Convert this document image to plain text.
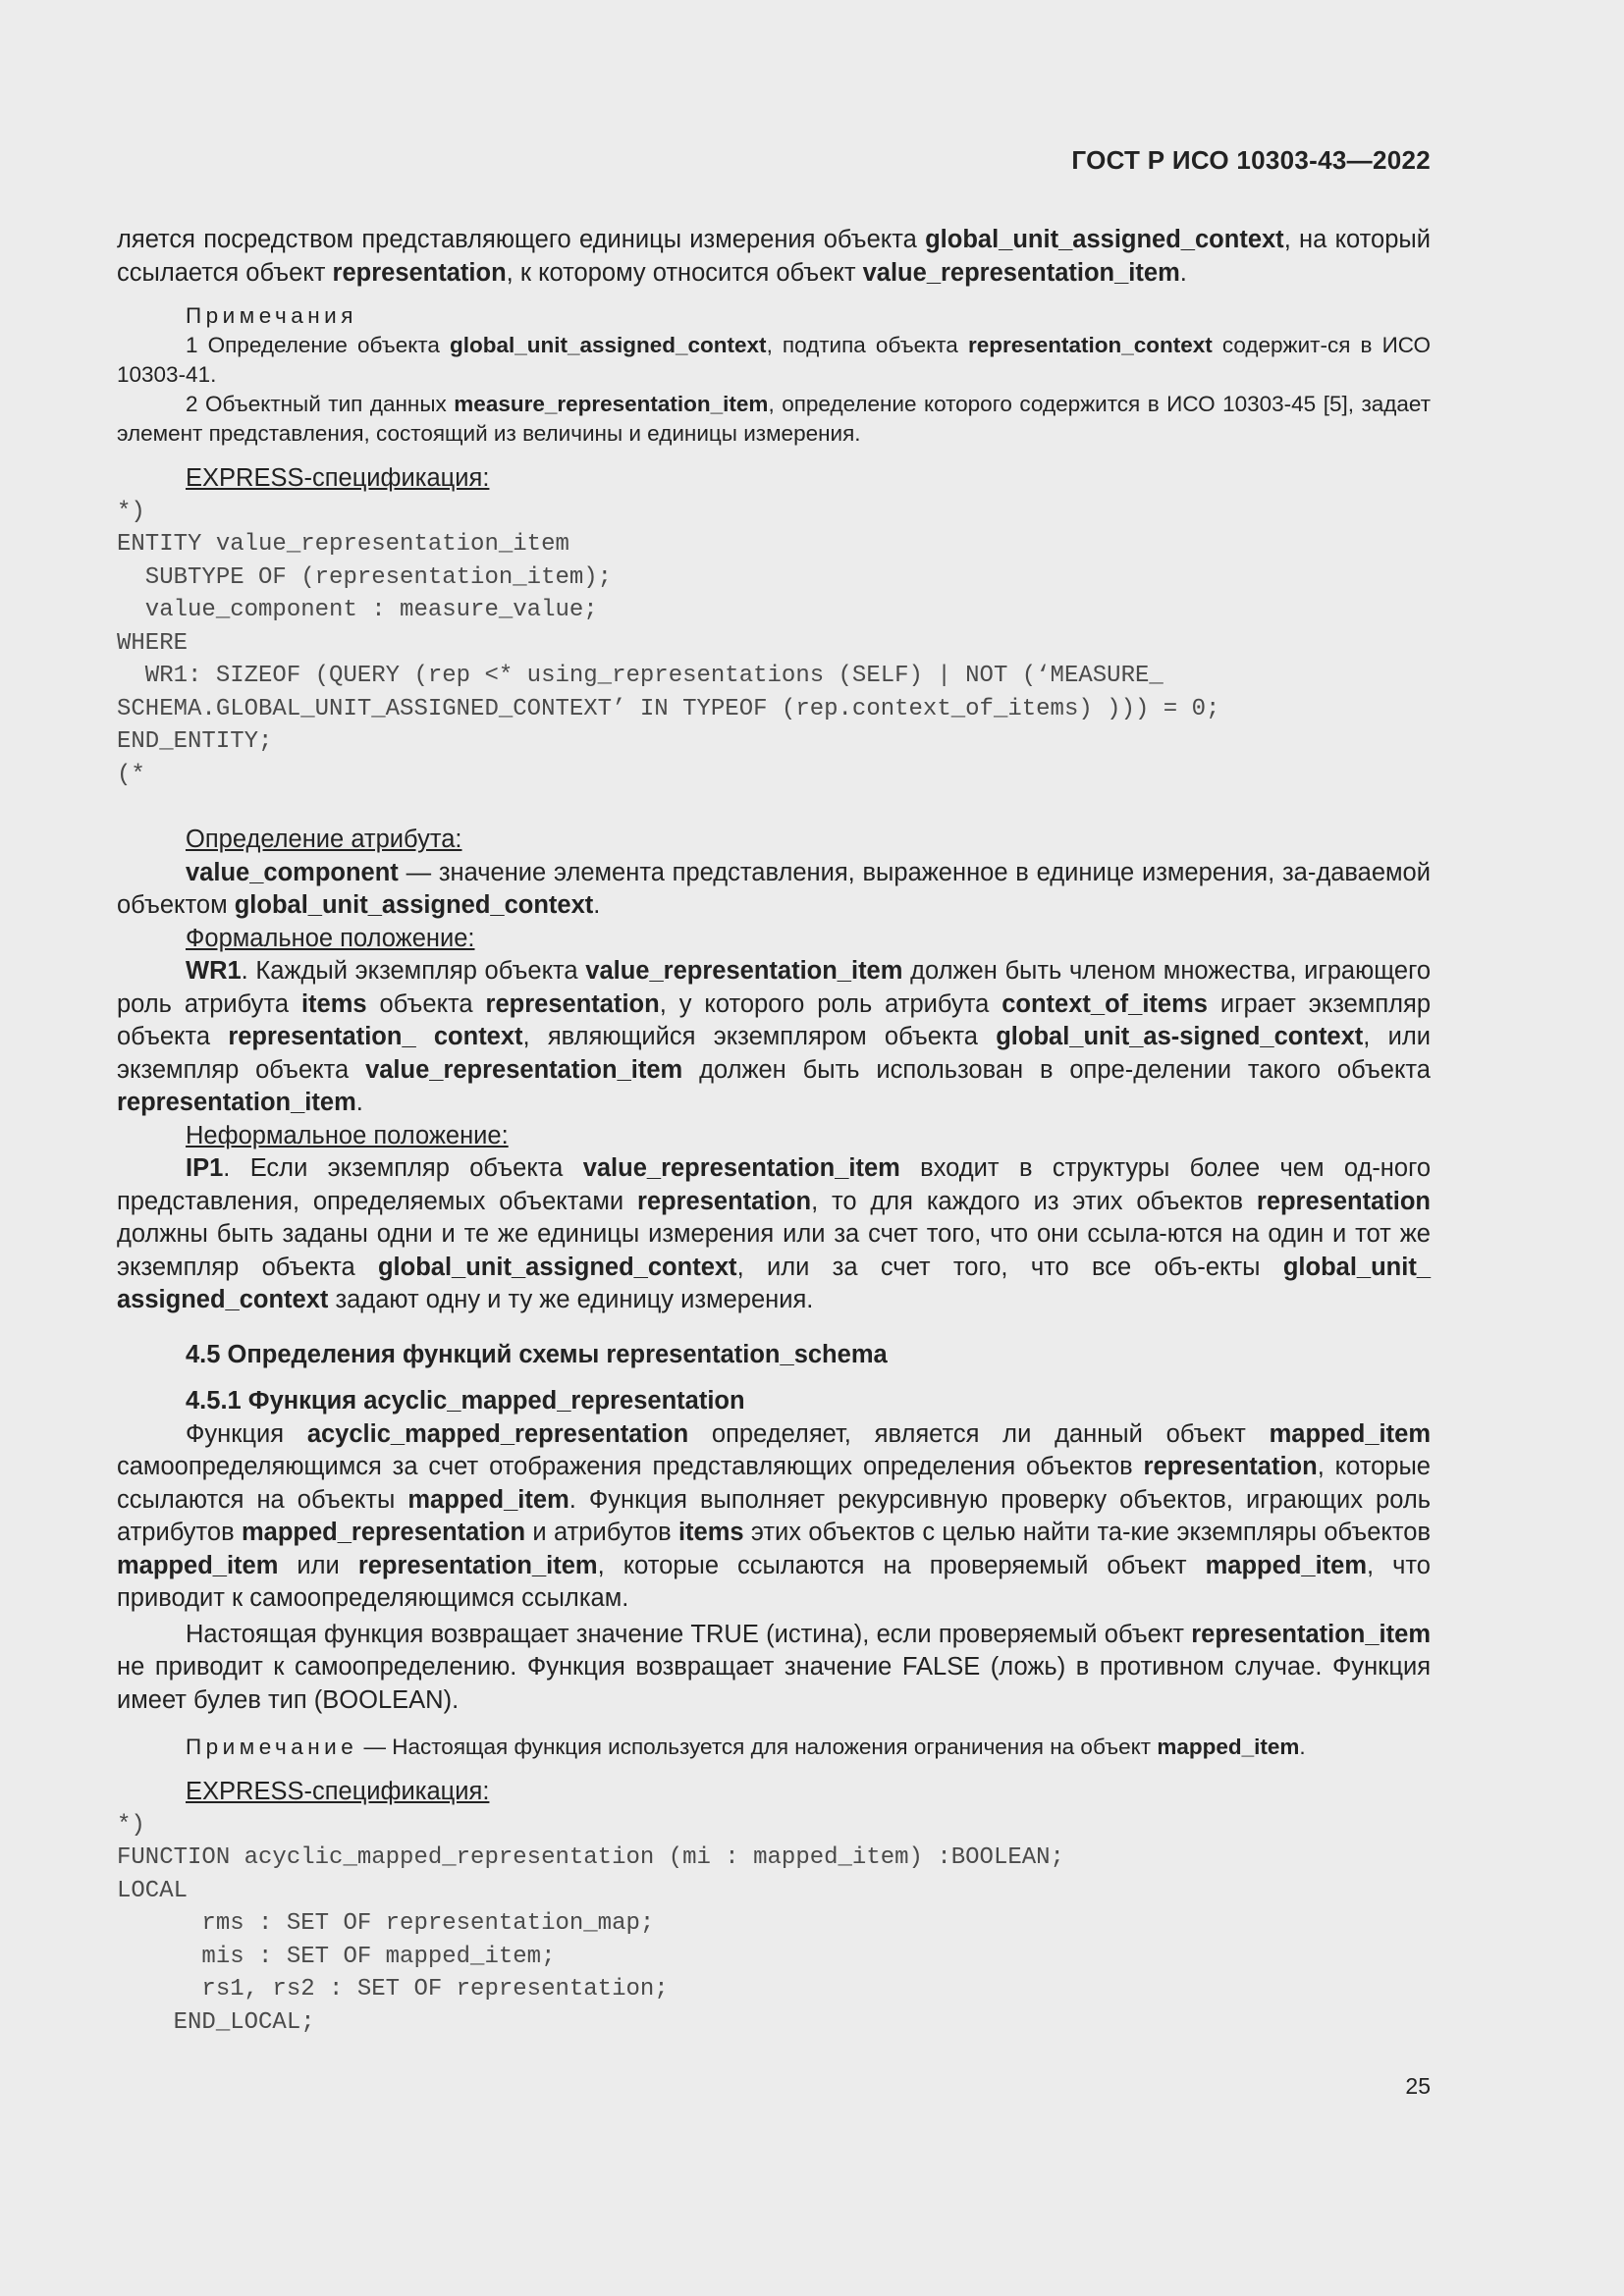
ГОСТ Р ИСО 10303-43—2022

ляется посредством представляющего единицы измерения объекта global_unit_assigned_context, на который ссылается объект representation, к которому относится объект value_representation_item.

Примечания

1 Определение объекта global_unit_assigned_context, подтипа объекта representation_context содержит-ся в ИСО 10303-41.

2 Объектный тип данных measure_representation_item, определение которого содержится в ИСО 10303-45 [5], задает элемент представления, состоящий из величины и единицы измерения.

EXPRESS-спецификация:

*)
ENTITY value_representation_item
SUBTYPE OF (representation_item);
value_component : measure_value;
WHERE
WR1: SIZEOF (QUERY (rep <* using_representations (SELF) | NOT (‘MEASURE_
SCHEMA.GLOBAL_UNIT_ASSIGNED_CONTEXT’ IN TYPEOF (rep.context_of_items) ))) = 0;
END_ENTITY;
(*

Определение атрибута:

value_component — значение элемента представления, выраженное в единице измерения, за-даваемой объектом global_unit_assigned_context.

Формальное положение:

WR1. Каждый экземпляр объекта value_representation_item должен быть членом множества, играющего роль атрибута items объекта representation, у которого роль атрибута context_of_items играет экземпляр объекта representation_ context, являющийся экземпляром объекта global_unit_as-signed_context, или экземпляр объекта value_representation_item должен быть использован в опре-делении такого объекта representation_item.

Неформальное положение:

IP1. Если экземпляр объекта value_representation_item входит в структуры более чем од-ного представления, определяемых объектами representation, то для каждого из этих объектов representation должны быть заданы одни и те же единицы измерения или за счет того, что они ссыла-ются на один и тот же экземпляр объекта global_unit_assigned_context, или за счет того, что все объ-екты global_unit_ assigned_context задают одну и ту же единицу измерения.

4.5 Определения функций схемы representation_schema

4.5.1 Функция acyclic_mapped_representation

Функция acyclic_mapped_representation определяет, является ли данный объект mapped_item самоопределяющимся за счет отображения представляющих определения объектов representation, которые ссылаются на объекты mapped_item. Функция выполняет рекурсивную проверку объектов, играющих роль атрибутов mapped_representation и атрибутов items этих объектов с целью найти та-кие экземпляры объектов mapped_item или representation_item, которые ссылаются на проверяемый объект mapped_item, что приводит к самоопределяющимся ссылкам.

Настоящая функция возвращает значение TRUE (истина), если проверяемый объект representation_item не приводит к самоопределению. Функция возвращает значение FALSE (ложь) в противном случае. Функция имеет булев тип (BOOLEAN).

Примечание — Настоящая функция используется для наложения ограничения на объект mapped_item.

EXPRESS-спецификация:

*)
FUNCTION acyclic_mapped_representation (mi : mapped_item) :BOOLEAN;
LOCAL
rms : SET OF representation_map;
mis : SET OF mapped_item;
rs1, rs2 : SET OF representation;
END_LOCAL;
25
